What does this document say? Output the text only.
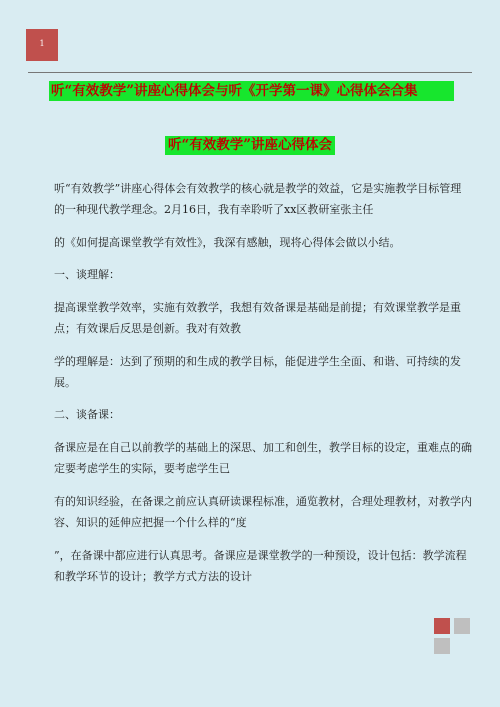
1
听“有效教学”讲座心得体会与听《开学第一课》心得体会合集
听“有效教学”讲座心得体会
听“有效教学”讲座心得体会有效教学的核心就是教学的效益，它是实施教学目标管理的一种现代教学理念。2月16日，我有幸聆听了xx区教研室张主任
的《如何提高课堂教学有效性》，我深有感触，现将心得体会做以小结。
一、谈理解：
提高课堂教学效率，实施有效教学，我想有效备课是基础是前提；有效课堂教学是重点；有效课后反思是创新。我对有效教
学的理解是：达到了预期的和生成的教学目标，能促进学生全面、和谐、可持续的发展。
二、谈备课：
备课应是在自己以前教学的基础上的深思、加工和创生，教学目标的设定，重难点的确定要考虑学生的实际，要考虑学生已
有的知识经验，在备课之前应认真研读课程标准，通览教材，合理处理教材，对教学内容、知识的延伸应把握一个什么样的“度
”，在备课中都应进行认真思考。备课应是课堂教学的一种预设，设计包括：教学流程和教学环节的设计；教学方式方法的设计
